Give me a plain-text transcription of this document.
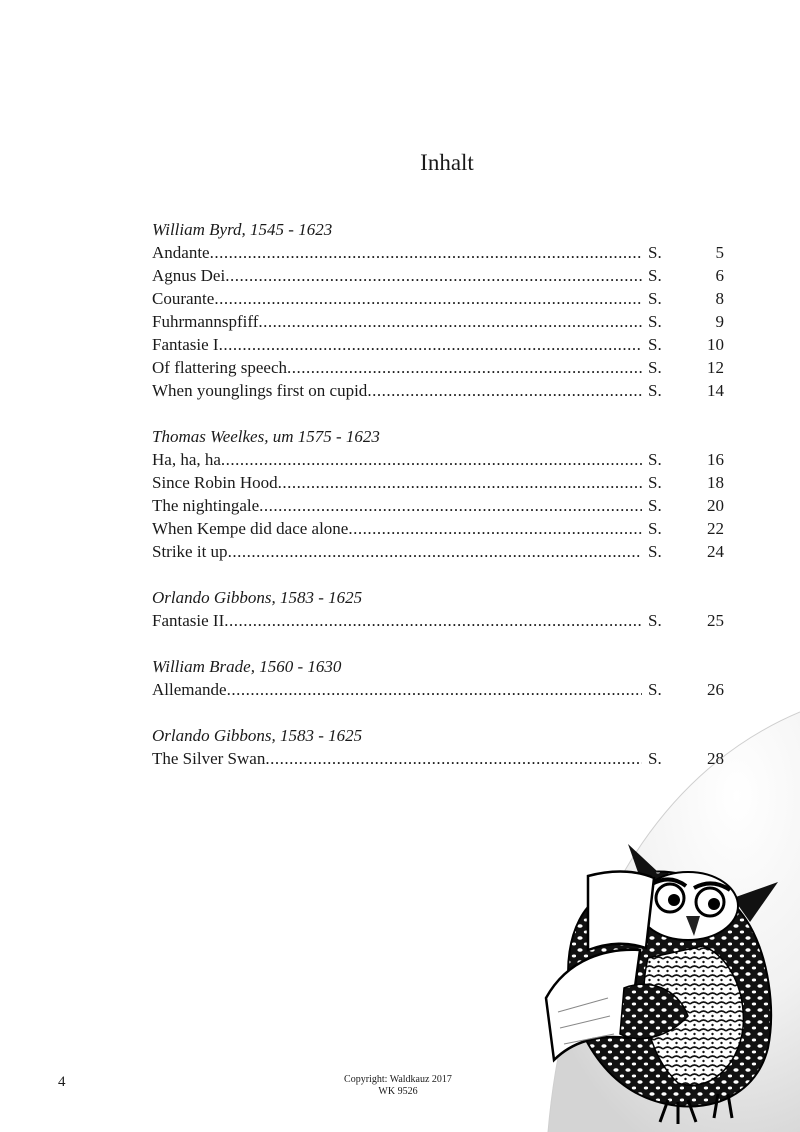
Inhalt
William Byrd, 1545 - 1623
Andante .....	S.	5
Agnus Dei .....	S.	6
Courante .....	S.	8
Fuhrmannspfiff .....	S.	9
Fantasie I .....	S.	10
Of flattering speech .....	S.	12
When younglings first on cupid .....	S.	14
Thomas Weelkes, um 1575 - 1623
Ha, ha, ha .....	S.	16
Since Robin Hood .....	S.	18
The nightingale .....	S.	20
When Kempe did dace alone .....	S.	22
Strike it up .....	S.	24
Orlando Gibbons, 1583 - 1625
Fantasie II .....	S.	25
William Brade, 1560 - 1630
Allemande .....	S.	26
Orlando Gibbons, 1583 - 1625
The Silver Swan .....	S.	28
4	Copyright: Waldkauz 2017
WK 9526
